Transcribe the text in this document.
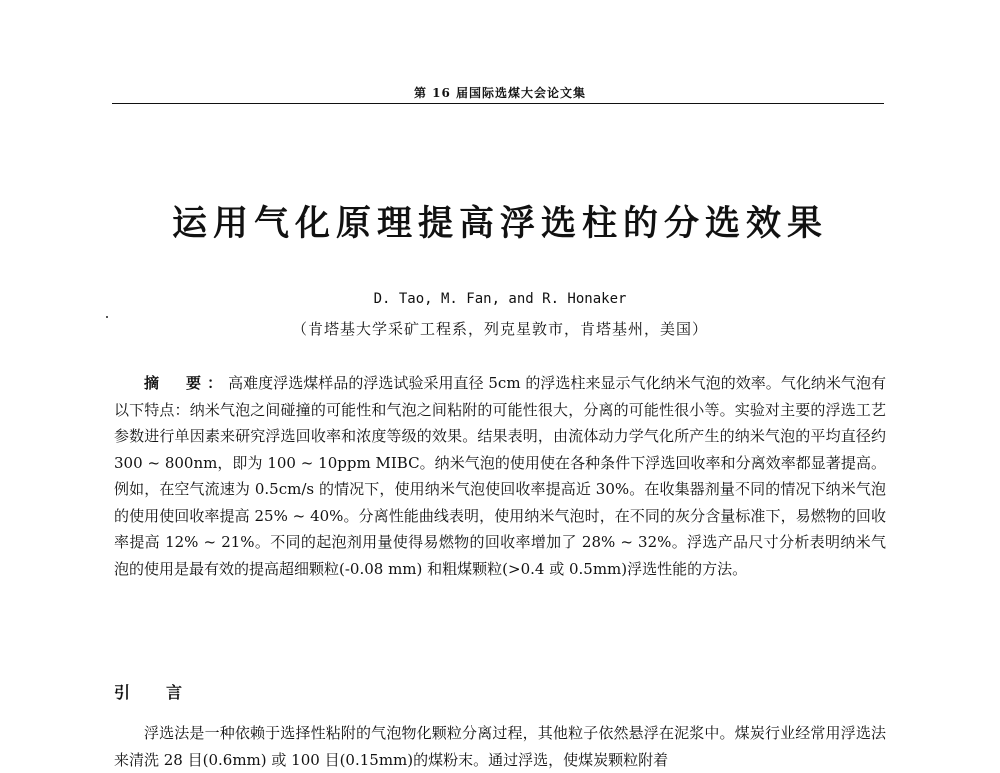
第 16 届国际选煤大会论文集
运用气化原理提高浮选柱的分选效果
D. Tao, M. Fan, and R. Honaker
（肯塔基大学采矿工程系，列克星敦市，肯塔基州，美国）
摘　要：高难度浮选煤样品的浮选试验采用直径 5cm 的浮选柱来显示气化纳米气泡的效率。气化纳米气泡有以下特点：纳米气泡之间碰撞的可能性和气泡之间粘附的可能性很大，分离的可能性很小等。实验对主要的浮选工艺参数进行单因素来研究浮选回收率和浓度等级的效果。结果表明，由流体动力学气化所产生的纳米气泡的平均直径约 300 ~ 800nm，即为 100 ~ 10ppm MIBC。纳米气泡的使用使在各种条件下浮选回收率和分离效率都显著提高。例如，在空气流速为 0.5cm/s 的情况下，使用纳米气泡使回收率提高近 30%。在收集器剂量不同的情况下纳米气泡的使用使回收率提高 25% ~ 40%。分离性能曲线表明，使用纳米气泡时，在不同的灰分含量标准下，易燃物的回收率提高 12% ~ 21%。不同的起泡剂用量使得易燃物的回收率增加了 28% ~ 32%。浮选产品尺寸分析表明纳米气泡的使用是最有效的提高超细颗粒(-0.08 mm) 和粗煤颗粒(>0.4 或 0.5mm)浮选性能的方法。
引　言
浮选法是一种依赖于选择性粘附的气泡物化颗粒分离过程，其他粒子依然悬浮在泥浆中。煤炭行业经常用浮选法来清洗 28 目(0.6mm) 或 100 目(0.15mm)的煤粉末。通过浮选，使煤炭颗粒附着
